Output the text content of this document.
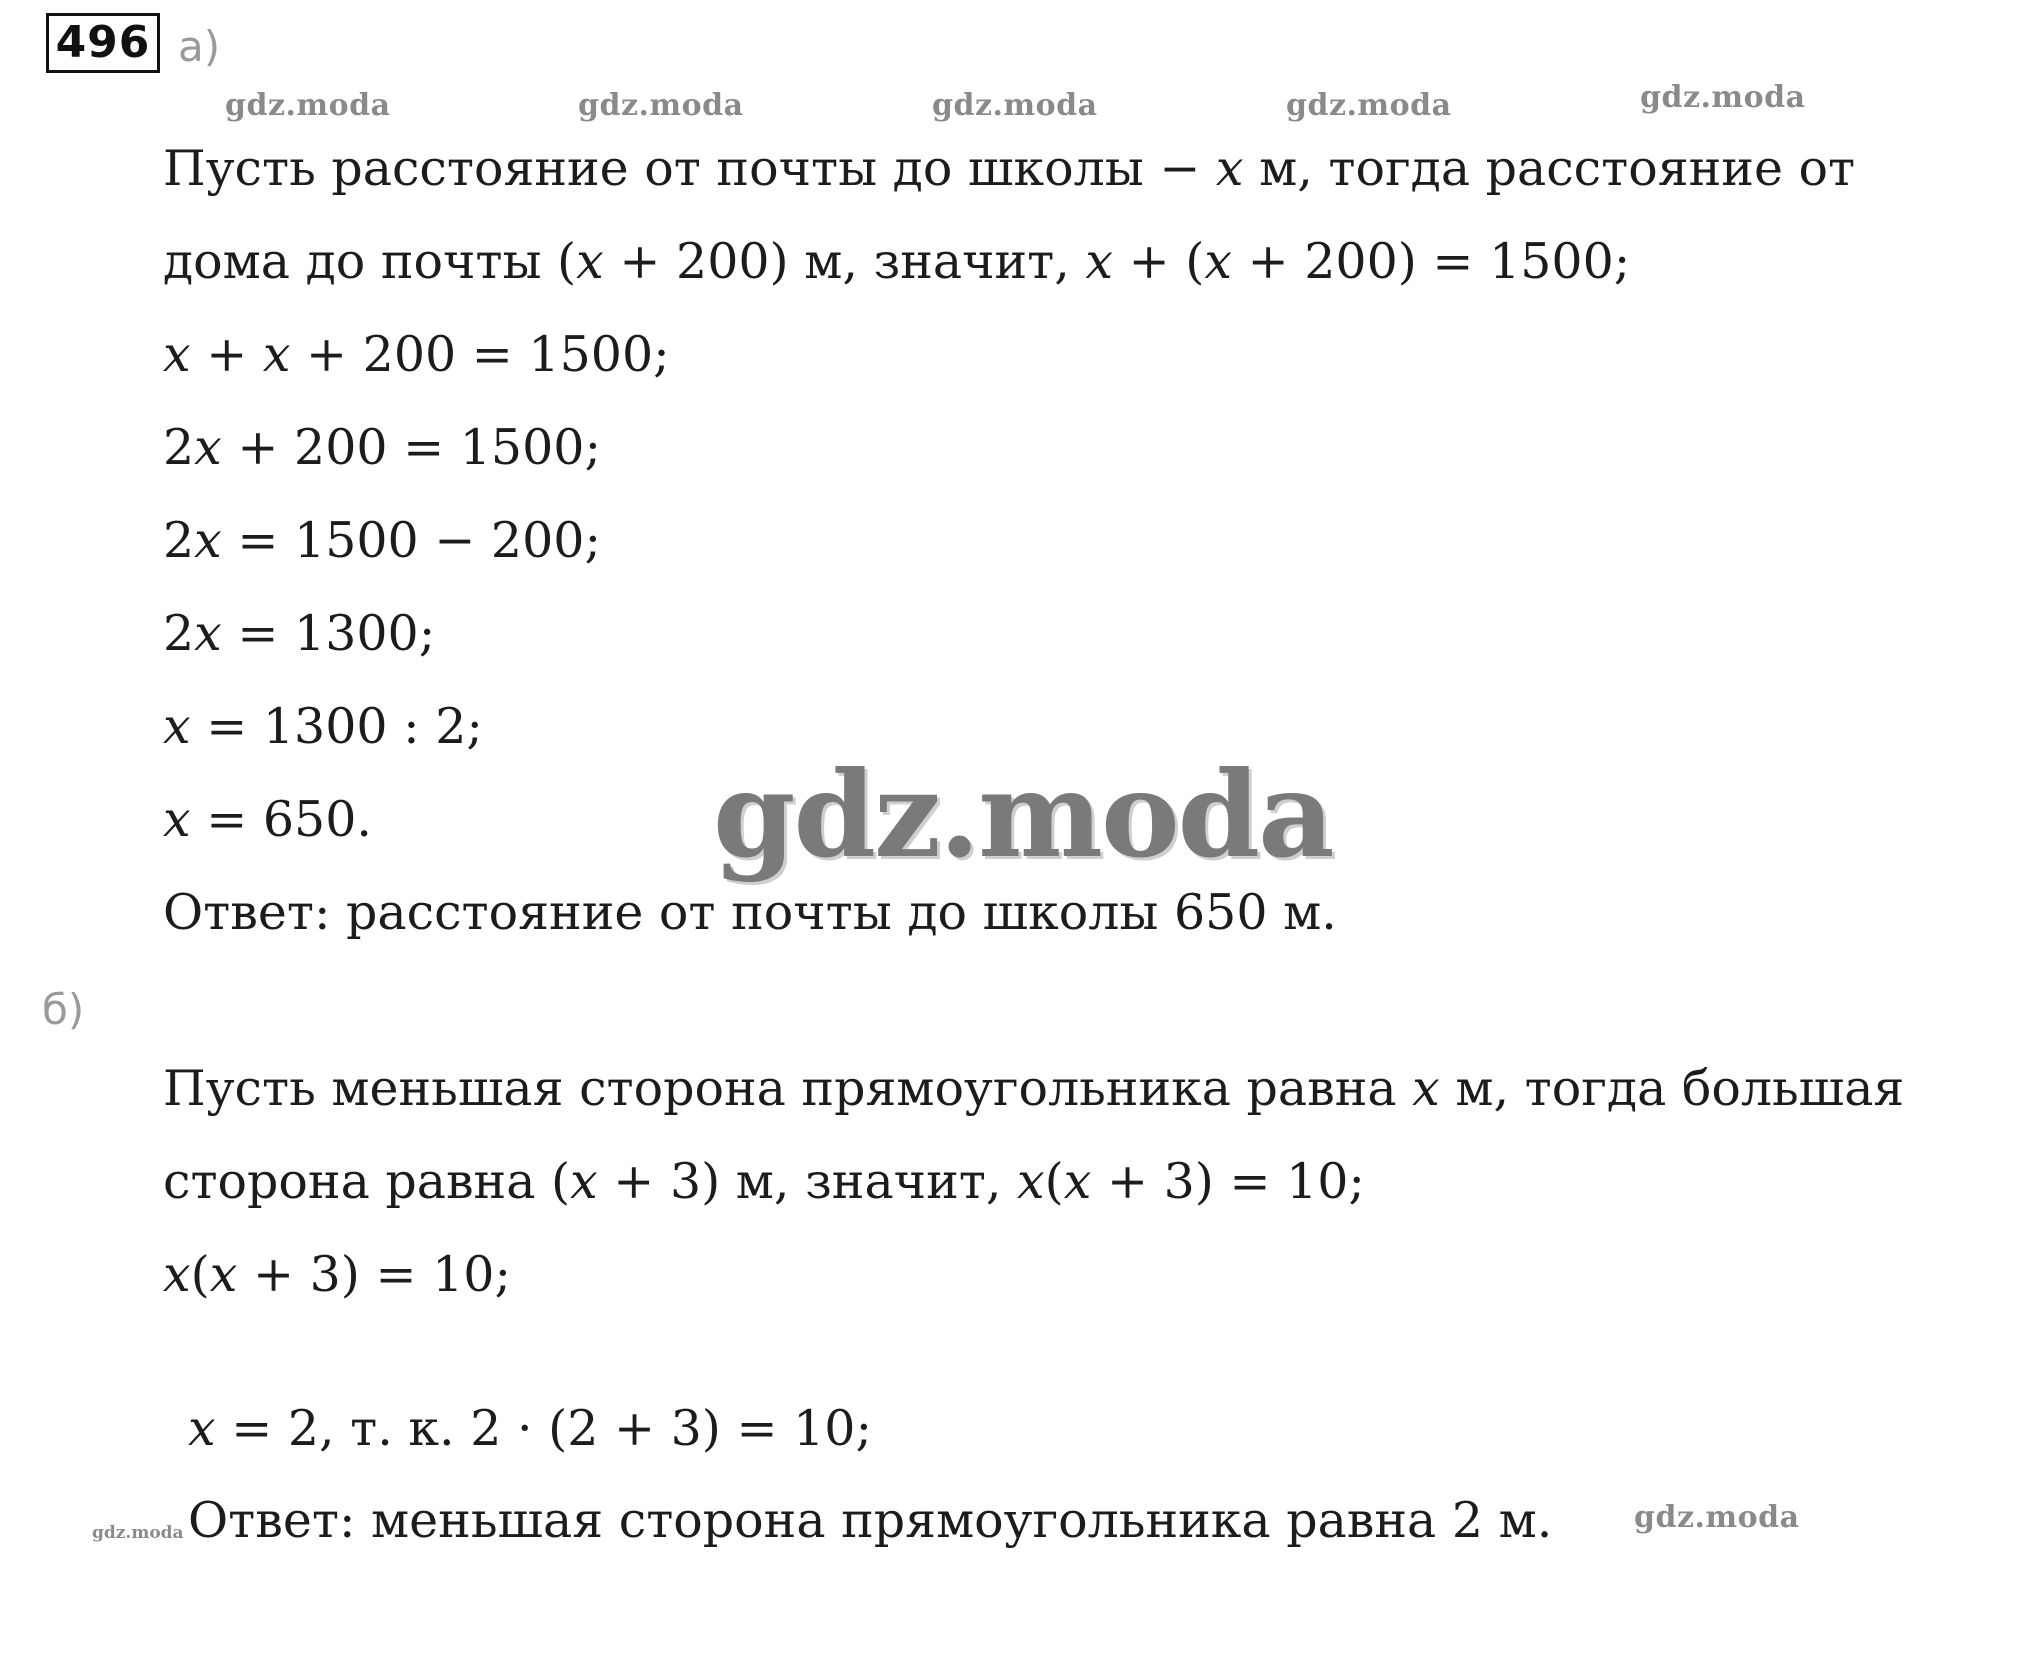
496 а)
gdz.moda	gdz.moda	gdz.moda	gdz.moda	gdz.moda
Пусть расстояние от почты до школы − 𝑥 м, тогда расстояние от
дома до почты (𝑥 + 200) м, значит, 𝑥 + (𝑥 + 200) = 1500;
𝑥 + 𝑥 + 200 = 1500;
2𝑥 + 200 = 1500;
2𝑥 = 1500 − 200;
2𝑥 = 1300;
𝑥 = 1300 : 2;
𝑥 = 650.
Ответ: расстояние от почты до школы 650 м.
gdz.moda
б)
Пусть меньшая сторона прямоугольника равна 𝑥 м, тогда большая
сторона равна (𝑥 + 3) м, значит, 𝑥(𝑥 + 3) = 10;
𝑥(𝑥 + 3) = 10;
𝑥 = 2, т. к. 2 · (2 + 3) = 10;
gdz.moda Ответ: меньшая сторона прямоугольника равна 2 м.	gdz.moda
